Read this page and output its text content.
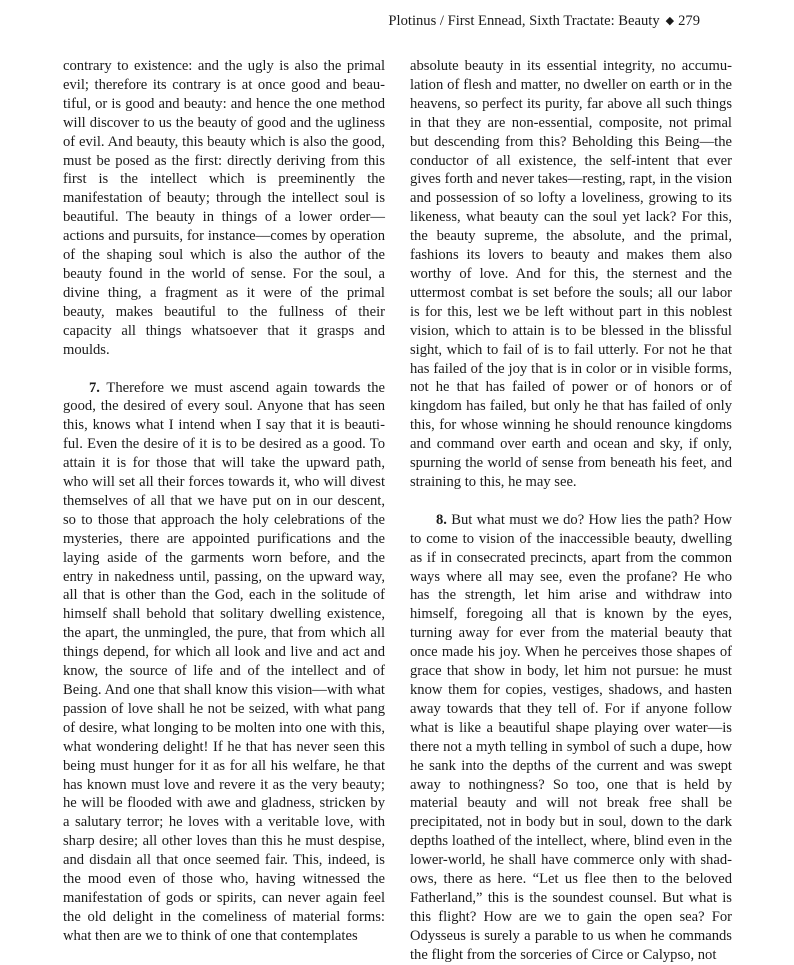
Plotinus / First Ennead, Sixth Tractate: Beauty ◆ 279

contrary to existence: and the ugly is also the primal evil; therefore its contrary is at once good and beautiful, or is good and beauty: and hence the one method will discover to us the beauty of good and the ugliness of evil. And beauty, this beauty which is also the good, must be posed as the first: directly deriving from this first is the intellect which is preeminently the manifestation of beauty; through the intellect soul is beautiful. The beauty in things of a lower order—actions and pursuits, for instance—comes by operation of the shaping soul which is also the author of the beauty found in the world of sense. For the soul, a divine thing, a fragment as it were of the primal beauty, makes beautiful to the fullness of their capacity all things whatsoever that it grasps and moulds.

7. Therefore we must ascend again towards the good, the desired of every soul. Anyone that has seen this, knows what I intend when I say that it is beautiful. Even the desire of it is to be desired as a good. To attain it is for those that will take the upward path, who will set all their forces towards it, who will divest themselves of all that we have put on in our descent, so to those that approach the holy celebrations of the mysteries, there are appointed purifications and the laying aside of the garments worn before, and the entry in nakedness until, passing, on the upward way, all that is other than the God, each in the solitude of himself shall behold that solitary dwelling existence, the apart, the unmingled, the pure, that from which all things depend, for which all look and live and act and know, the source of life and of the intellect and of Being. And one that shall know this vision—with what passion of love shall he not be seized, with what pang of desire, what longing to be molten into one with this, what wondering delight! If he that has never seen this being must hunger for it as for all his welfare, he that has known must love and revere it as the very beauty; he will be flooded with awe and gladness, stricken by a salutary terror; he loves with a veritable love, with sharp desire; all other loves than this he must despise, and disdain all that once seemed fair. This, indeed, is the mood even of those who, having witnessed the manifestation of gods or spirits, can never again feel the old delight in the comeliness of material forms: what then are we to think of one that contemplates

absolute beauty in its essential integrity, no accumulation of flesh and matter, no dweller on earth or in the heavens, so perfect its purity, far above all such things in that they are non-essential, composite, not primal but descending from this? Beholding this Being—the conductor of all existence, the self-intent that ever gives forth and never takes—resting, rapt, in the vision and possession of so lofty a loveliness, growing to its likeness, what beauty can the soul yet lack? For this, the beauty supreme, the absolute, and the primal, fashions its lovers to beauty and makes them also worthy of love. And for this, the sternest and the uttermost combat is set before the souls; all our labor is for this, lest we be left without part in this noblest vision, which to attain is to be blessed in the blissful sight, which to fail of is to fail utterly. For not he that has failed of the joy that is in color or in visible forms, not he that has failed of power or of honors or of kingdom has failed, but only he that has failed of only this, for whose winning he should renounce kingdoms and command over earth and ocean and sky, if only, spurning the world of sense from beneath his feet, and straining to this, he may see.

8. But what must we do? How lies the path? How to come to vision of the inaccessible beauty, dwelling as if in consecrated precincts, apart from the common ways where all may see, even the profane? He who has the strength, let him arise and withdraw into himself, foregoing all that is known by the eyes, turning away for ever from the material beauty that once made his joy. When he perceives those shapes of grace that show in body, let him not pursue: he must know them for copies, vestiges, shadows, and hasten away towards that they tell of. For if anyone follow what is like a beautiful shape playing over water—is there not a myth telling in symbol of such a dupe, how he sank into the depths of the current and was swept away to nothingness? So too, one that is held by material beauty and will not break free shall be precipitated, not in body but in soul, down to the dark depths loathed of the intellect, where, blind even in the lower-world, he shall have commerce only with shadows, there as here. “Let us flee then to the beloved Fatherland,” this is the soundest counsel. But what is this flight? How are we to gain the open sea? For Odysseus is surely a parable to us when he commands the flight from the sorceries of Circe or Calypso, not
